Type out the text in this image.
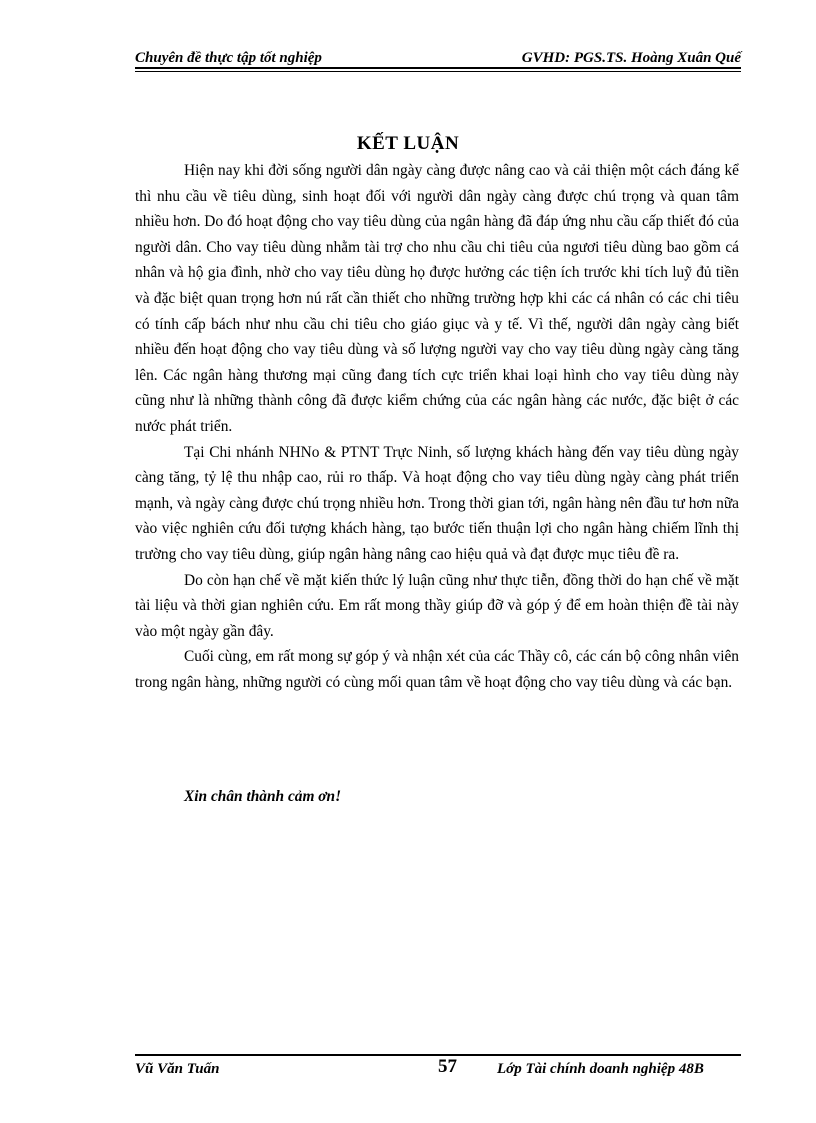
Chuyên đề thực tập tốt nghiệp	GVHD: PGS.TS. Hoàng Xuân Quế
KẾT LUẬN

Hiện nay khi đời sống người dân ngày càng được nâng cao và cải thiện một cách đáng kể thì nhu cầu về tiêu dùng, sinh hoạt đối với người dân ngày càng được chú trọng và quan tâm nhiều hơn. Do đó hoạt động cho vay tiêu dùng của ngân hàng đã đáp ứng nhu cầu cấp thiết đó của người dân. Cho vay tiêu dùng nhằm tài trợ cho nhu cầu chi tiêu của ngươi tiêu dùng bao gồm cá nhân và hộ gia đình, nhờ cho vay tiêu dùng họ được hưởng các tiện ích trước khi tích luỹ đủ tiền và đặc biệt quan trọng hơn nú rất cần thiết cho những trường hợp khi các cá nhân có các chi tiêu có tính cấp bách như nhu cầu chi tiêu cho giáo giục và y tế. Vì thế, người dân ngày càng biết nhiều đến hoạt động cho vay tiêu dùng và số lượng người vay cho vay tiêu dùng ngày càng tăng lên. Các ngân hàng thương mại cũng đang tích cực triển khai loại hình cho vay tiêu dùng này cũng như là những thành công đã được kiểm chứng của các ngân hàng các nước, đặc biệt ở các nước phát triển.

Tại Chi nhánh NHNo & PTNT Trực Ninh, số lượng khách hàng đến vay tiêu dùng ngày càng tăng, tỷ lệ thu nhập cao, rủi ro thấp. Và hoạt động cho vay tiêu dùng ngày càng phát triển mạnh, và ngày càng được chú trọng nhiều hơn. Trong thời gian tới, ngân hàng nên đầu tư hơn nữa vào việc nghiên cứu đối tượng khách hàng, tạo bước tiến thuận lợi cho ngân hàng chiếm lĩnh thị trường cho vay tiêu dùng, giúp ngân hàng nâng cao hiệu quả và đạt được mục tiêu đề ra.

Do còn hạn chế về mặt kiến thức lý luận cũng như thực tiễn, đồng thời do hạn chế về mặt tài liệu và thời gian nghiên cứu. Em rất mong thầy giúp đỡ và góp ý để em hoàn thiện đề tài này vào một ngày gần đây.

Cuối cùng, em rất mong sự góp ý và nhận xét của các Thầy cô, các cán bộ công nhân viên trong ngân hàng, những người có cùng mối quan tâm về hoạt động cho vay tiêu dùng và các bạn.

Xin chân thành cảm ơn!
Vũ Văn Tuấn	57	Lớp Tài chính doanh nghiệp 48B
